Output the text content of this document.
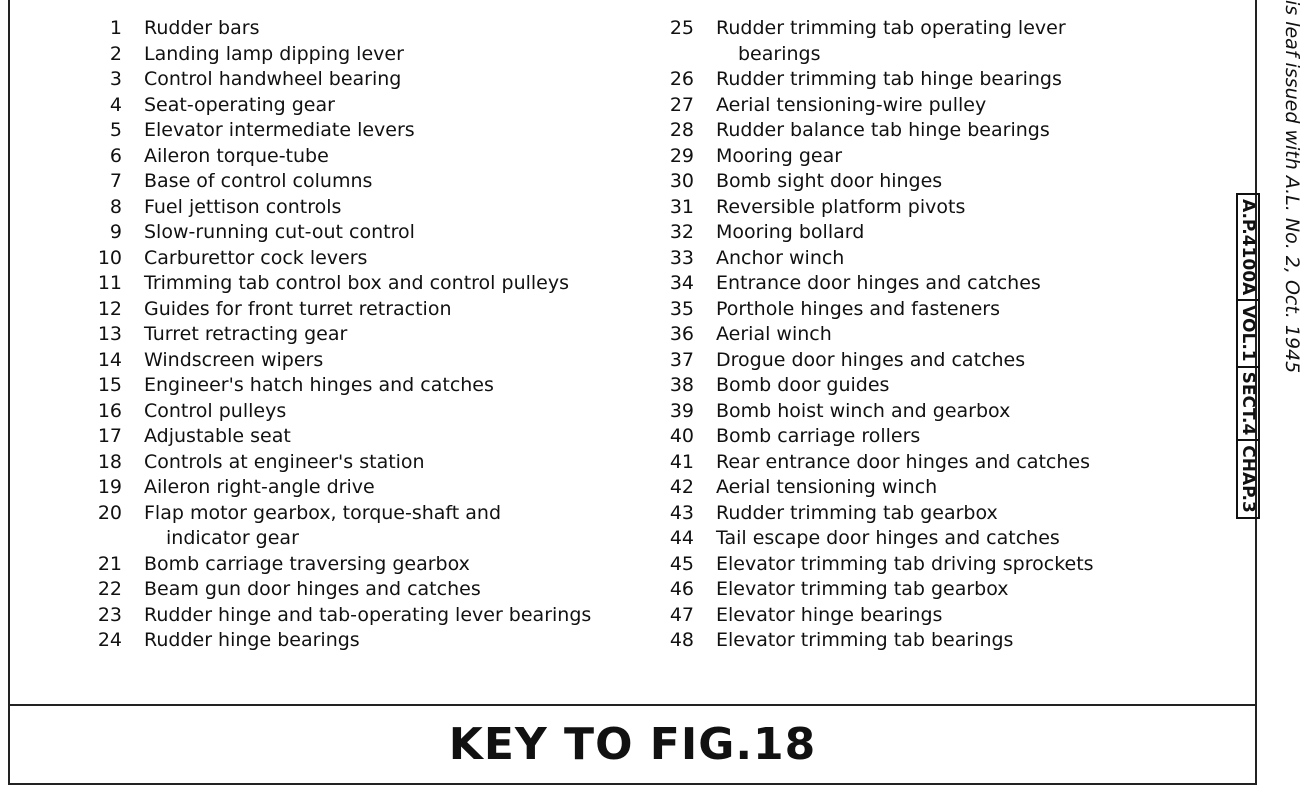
1	Rudder bars
2	Landing lamp dipping lever
3	Control handwheel bearing
4	Seat-operating gear
5	Elevator intermediate levers
6	Aileron torque-tube
7	Base of control columns
8	Fuel jettison controls
9	Slow-running cut-out control
10	Carburettor cock levers
11	Trimming tab control box and control pulleys
12	Guides for front turret retraction
13	Turret retracting gear
14	Windscreen wipers
15	Engineer's hatch hinges and catches
16	Control pulleys
17	Adjustable seat
18	Controls at engineer's station
19	Aileron right-angle drive
20	Flap motor gearbox, torque-shaft and
indicator gear
21	Bomb carriage traversing gearbox
22	Beam gun door hinges and catches
23	Rudder hinge and tab-operating lever bearings
24	Rudder hinge bearings
25	Rudder trimming tab operating lever
bearings
26	Rudder trimming tab hinge bearings
27	Aerial tensioning-wire pulley
28	Rudder balance tab hinge bearings
29	Mooring gear
30	Bomb sight door hinges
31	Reversible platform pivots
32	Mooring bollard
33	Anchor winch
34	Entrance door hinges and catches
35	Porthole hinges and fasteners
36	Aerial winch
37	Drogue door hinges and catches
38	Bomb door guides
39	Bomb hoist winch and gearbox
40	Bomb carriage rollers
41	Rear entrance door hinges and catches
42	Aerial tensioning winch
43	Rudder trimming tab gearbox
44	Tail escape door hinges and catches
45	Elevator trimming tab driving sprockets
46	Elevator trimming tab gearbox
47	Elevator hinge bearings
48	Elevator trimming tab bearings
KEY TO FIG.18
is leaf issued with A.L. No. 2, Oct. 1945
A.P.4100A
VOL.1
SECT.4
CHAP.3
